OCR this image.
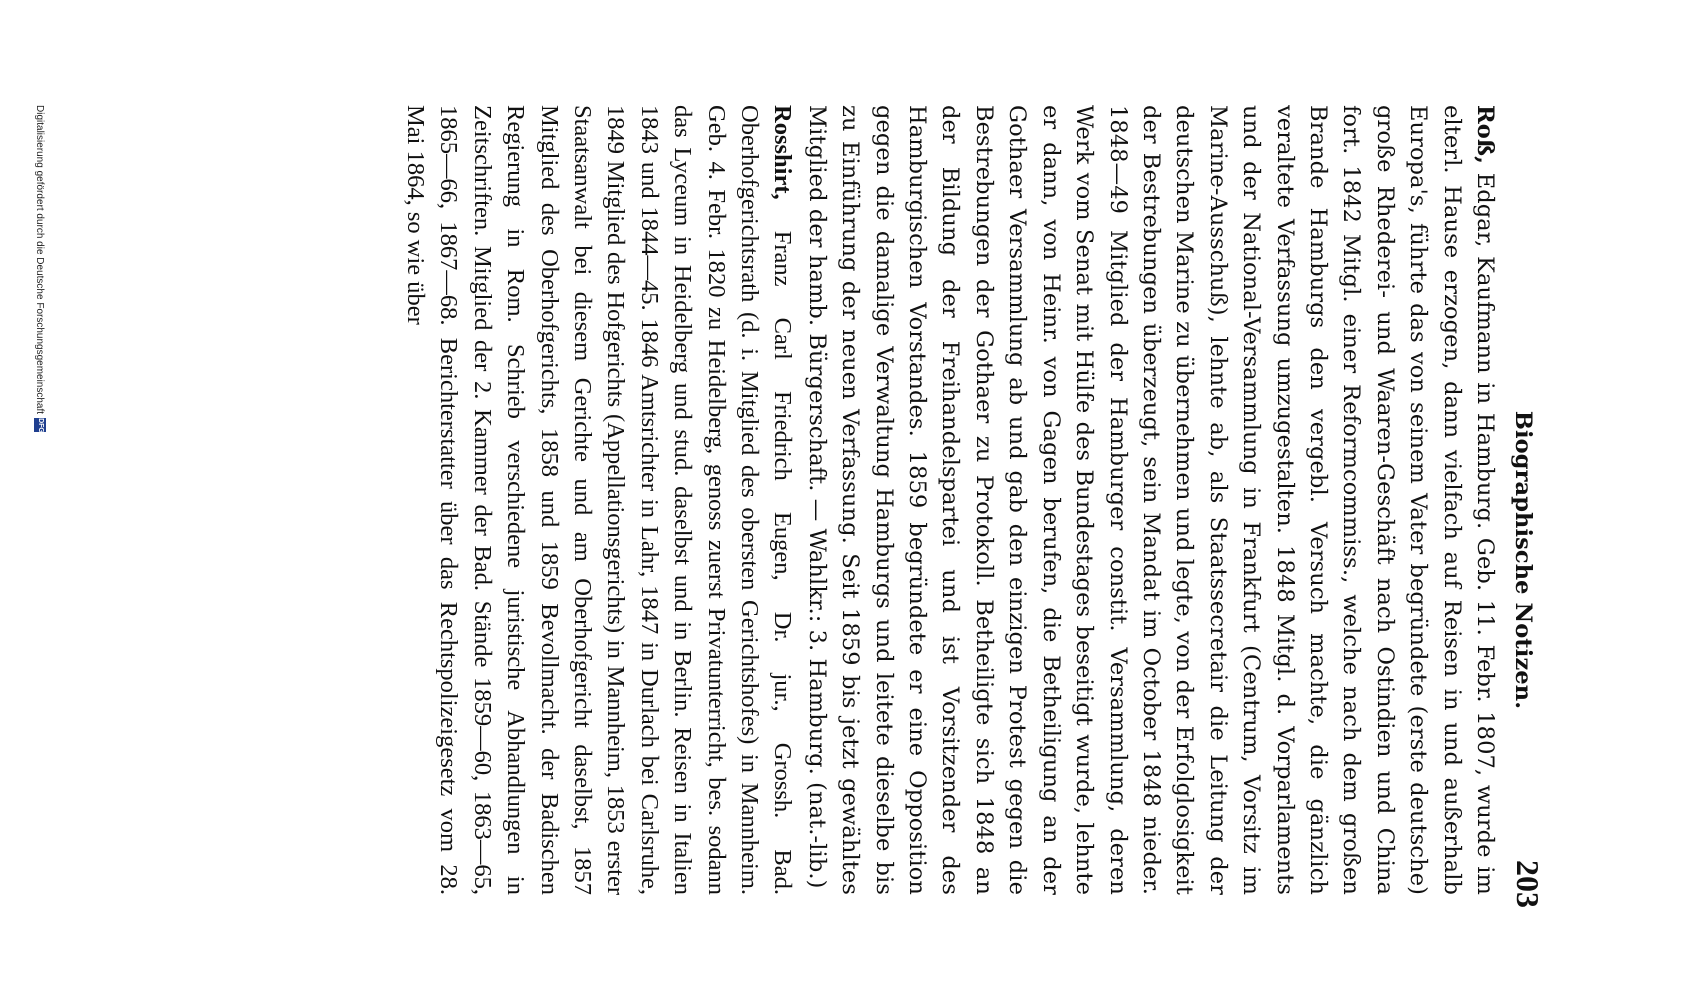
Biographische Notizen.
203

Roß, Edgar, Kaufmann in Hamburg. Geb. 11. Febr. 1807, wurde im elterl. Hause erzogen, dann vielfach auf Reisen in und außerhalb Europa's, führte das von seinem Vater begründete (erste deutsche) große Rhederei- und Waaren-Geschäft nach Ostindien und China fort. 1842 Mitgl. einer Reformcommiss., welche nach dem großen Brande Hamburgs den vergebl. Versuch machte, die gänzlich veraltete Verfassung umzugestalten. 1848 Mitgl. d. Vorparlaments und der National-Versammlung in Frankfurt (Centrum, Vorsitz im Marine-Ausschuß), lehnte ab, als Staatssecretair die Leitung der deutschen Marine zu übernehmen und legte, von der Erfolglosigkeit der Bestrebungen überzeugt, sein Mandat im October 1848 nieder. 1848—49 Mitglied der Hamburger constit. Versammlung, deren Werk vom Senat mit Hülfe des Bundestages beseitigt wurde, lehnte er dann, von Heinr. von Gagen berufen, die Betheiligung an der Gothaer Versammlung ab und gab den einzigen Protest gegen die Bestrebungen der Gothaer zu Protokoll. Betheiligte sich 1848 an der Bildung der Freihandelspartei und ist Vorsitzender des Hamburgischen Vorstandes. 1859 begründete er eine Opposition gegen die damalige Verwaltung Hamburgs und leitete dieselbe bis zu Einführung der neuen Verfassung. Seit 1859 bis jetzt gewähltes Mitglied der hamb. Bürgerschaft. — Wahlkr.: 3. Hamburg. (nat.-lib.)

Rosshirt, Franz Carl Friedrich Eugen, Dr. jur., Grossh. Bad. Oberhofgerichtsrath (d. i. Mitglied des obersten Gerichtshofes) in Mannheim. Geb. 4. Febr. 1820 zu Heidelberg, genoss zuerst Privatunterricht, bes. sodann das Lyceum in Heidelberg und stud. daselbst und in Berlin. Reisen in Italien 1843 und 1844—45. 1846 Amtsrichter in Lahr, 1847 in Durlach bei Carlsruhe, 1849 Mitglied des Hofgerichts (Appellationsgerichts) in Mannheim, 1853 erster Staatsanwalt bei diesem Gerichte und am Oberhofgericht daselbst, 1857 Mitglied des Oberhofgerichts, 1858 und 1859 Bevollmacht. der Badischen Regierung in Rom. Schrieb verschiedene juristische Abhandlungen in Zeitschriften. Mitglied der 2. Kammer der Bad. Stände 1859—60, 1863—65, 1865—66, 1867—68. Berichterstatter über das Rechtspolizeigesetz vom 28. Mai 1864, so wie über

Digitalisierung gefördert durch die Deutsche Forschungsgemeinschaft
DFG
